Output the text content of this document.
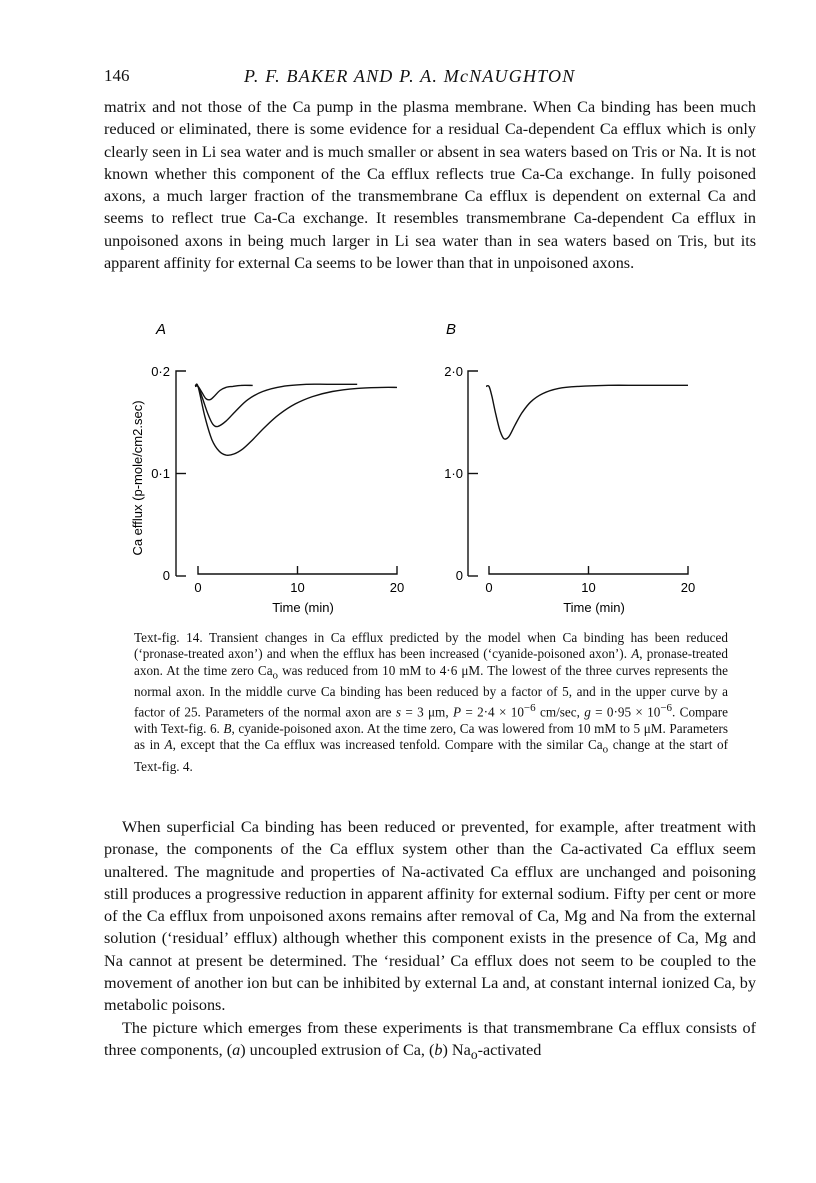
146	P. F. BAKER AND P. A. McNAUGHTON

matrix and not those of the Ca pump in the plasma membrane. When Ca binding has been much reduced or eliminated, there is some evidence for a residual Ca-dependent Ca efflux which is only clearly seen in Li sea water and is much smaller or absent in sea waters based on Tris or Na. It is not known whether this component of the Ca efflux reflects true Ca-Ca exchange. In fully poisoned axons, a much larger fraction of the transmembrane Ca efflux is dependent on external Ca and seems to reflect true Ca-Ca exchange. It resembles transmembrane Ca-dependent Ca efflux in unpoisoned axons in being much larger in Li sea water than in sea waters based on Tris, but its apparent affinity for external Ca seems to be lower than that in unpoisoned axons.

A
Ca efflux (p-mole/cm2.sec)
0·2
0·1
0
0	10	20
Time (min)
B
2·0
1·0
0
0	10	20
Time (min)

Text-fig. 14. Transient changes in Ca efflux predicted by the model when Ca binding has been reduced (‘pronase-treated axon’) and when the efflux has been increased (‘cyanide-poisoned axon’). A, pronase-treated axon. At the time zero $Ca_o$ was reduced from 10 mM to 4·6 μM. The lowest of the three curves represents the normal axon. In the middle curve Ca binding has been reduced by a factor of 5, and in the upper curve by a factor of 25. Parameters of the normal axon are s = 3 μm, $P = 2\cdot 4 \times 10^{-6}$ cm/sec, $g = 0\cdot 95 \times 10^{-6}$. Compare with Text-fig. 6. B, cyanide-poisoned axon. At the time zero, Ca was lowered from 10 mM to 5 μM. Parameters as in A, except that the Ca efflux was increased tenfold. Compare with the similar $Ca_o$ change at the start of Text-fig. 4.

When superficial Ca binding has been reduced or prevented, for example, after treatment with pronase, the components of the Ca efflux system other than the Ca-activated Ca efflux seem unaltered. The magnitude and properties of Na-activated Ca efflux are unchanged and poisoning still produces a progressive reduction in apparent affinity for external sodium. Fifty per cent or more of the Ca efflux from unpoisoned axons remains after removal of Ca, Mg and Na from the external solution (‘residual’ efflux) although whether this component exists in the presence of Ca, Mg and Na cannot at present be determined. The ‘residual’ Ca efflux does not seem to be coupled to the movement of another ion but can be inhibited by external La and, at constant internal ionized Ca, by metabolic poisons.

The picture which emerges from these experiments is that transmembrane Ca efflux consists of three components, (a) uncoupled extrusion of Ca, (b) $Na_o$-activated
